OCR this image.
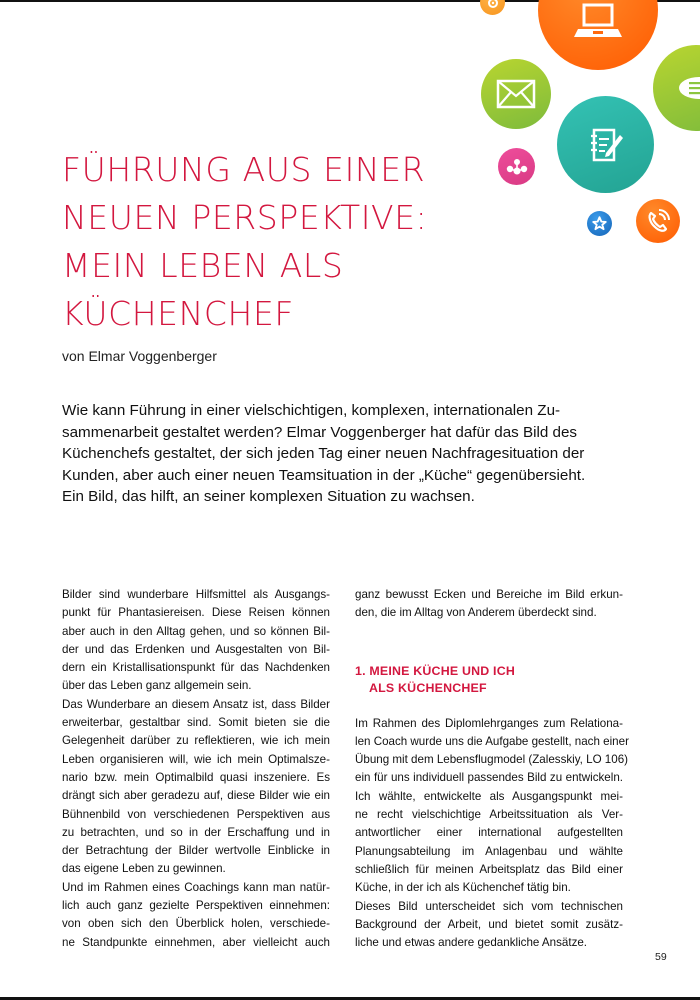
FÜHRUNG AUS EINER
NEUEN PERSPEKTIVE:
MEIN LEBEN ALS
KÜCHENCHEF
von Elmar Voggenberger

Wie kann Führung in einer vielschichtigen, komplexen, internationalen Zu-
sammenarbeit gestaltet werden? Elmar Voggenberger hat dafür das Bild des
Küchenchefs gestaltet, der sich jeden Tag einer neuen Nachfragesituation der
Kunden, aber auch einer neuen Teamsituation in der „Küche“ gegenübersieht.
Ein Bild, das hilft, an seiner komplexen Situation zu wachsen.

Bilder sind wunderbare Hilfsmittel als Ausgangs-
punkt für Phantasiereisen. Diese Reisen können
aber auch in den Alltag gehen, und so können Bil-
der und das Erdenken und Ausgestalten von Bil-
dern ein Kristallisationspunkt für das Nachdenken
über das Leben ganz allgemein sein.
Das Wunderbare an diesem Ansatz ist, dass Bilder
erweiterbar, gestaltbar sind. Somit bieten sie die
Gelegenheit darüber zu reflektieren, wie ich mein
Leben organisieren will, wie ich mein Optimalsze-
nario bzw. mein Optimalbild quasi inszeniere. Es
drängt sich aber geradezu auf, diese Bilder wie ein
Bühnenbild von verschiedenen Perspektiven aus
zu betrachten, und so in der Erschaffung und in
der Betrachtung der Bilder wertvolle Einblicke in
das eigene Leben zu gewinnen.
Und im Rahmen eines Coachings kann man natür-
lich auch ganz gezielte Perspektiven einnehmen:
von oben sich den Überblick holen, verschiede-
ne Standpunkte einnehmen, aber vielleicht auch
ganz bewusst Ecken und Bereiche im Bild erkun-
den, die im Alltag von Anderem überdeckt sind.
1. MEINE KÜCHE UND ICH
ALS KÜCHENCHEF
Im Rahmen des Diplomlehrganges zum Relationa-
len Coach wurde uns die Aufgabe gestellt, nach einer
Übung mit dem Lebensflugmodel (Zalesskiy, LO 106)
ein für uns individuell passendes Bild zu entwickeln.
Ich wählte, entwickelte als Ausgangspunkt mei-
ne recht vielschichtige Arbeitssituation als Ver-
antwortlicher einer international aufgestellten
Planungsabteilung im Anlagenbau und wählte
schließlich für meinen Arbeitsplatz das Bild einer
Küche, in der ich als Küchenchef tätig bin.
Dieses Bild unterscheidet sich vom technischen
Background der Arbeit, und bietet somit zusätz-
liche und etwas andere gedankliche Ansätze.
59
